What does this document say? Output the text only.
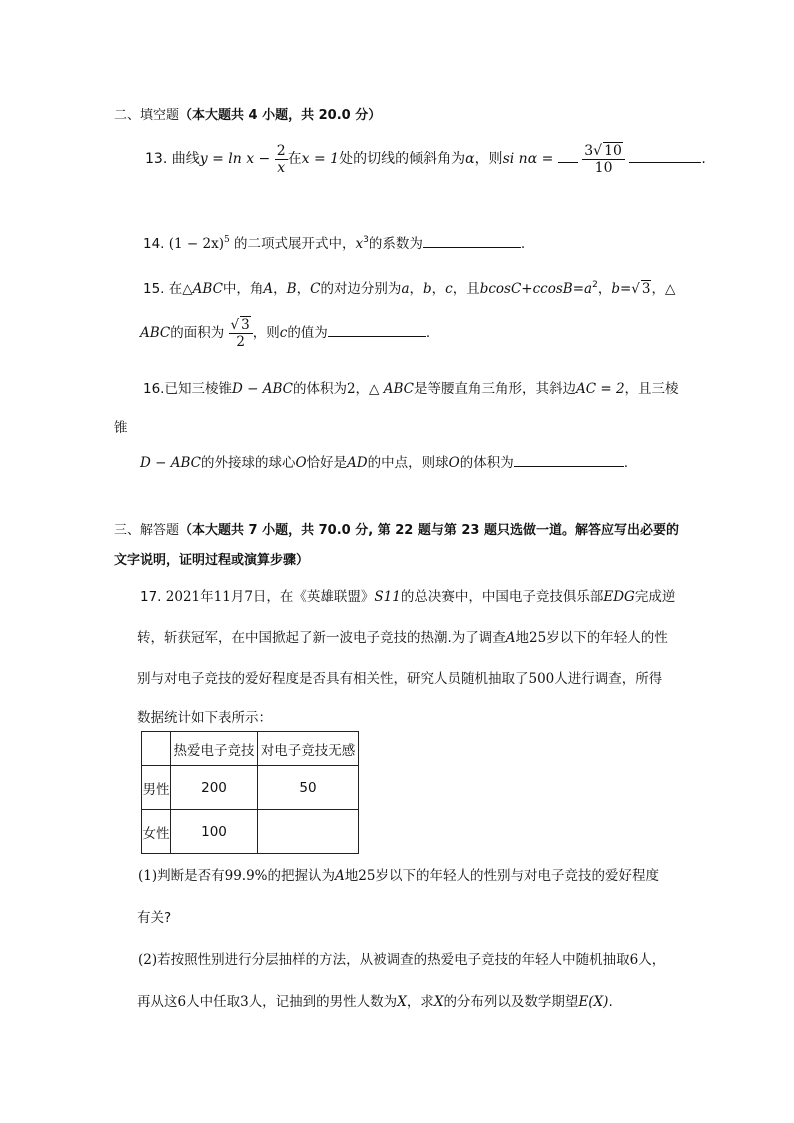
二、填空题（本大题共 4 小题，共 20.0 分）
13. 曲线$y = \ln x - \frac{2}{x}$ 在x = 1处的切线的倾斜角为α，则si $n\alpha = \frac{3√ 10}{10}$	.
14. $(1 - 2x)^5$ 的二项式展开式中，$x^3$的系数为	.
15. 在△ABC中，角A，B，C的对边分别为a，b，c，且$bcosC+ccosB=a^2$，b=√ 3，△
ABC的面积为 $\frac{√ 3}{2}$ ，则c的值为	.
16.已知三棱锥D − ABC的体积为2，△ ABC是等腰直角三角形，其斜边AC = 2，且三棱
锥
D − ABC的外接球的球心O恰好是AD的中点，则球O的体积为	.
三、解答题（本大题共 7 小题，共 70.0 分, 第 22 题与第 23 题只选做一道。解答应写出必要的
文字说明，证明过程或演算步骤）
17. 2021年11月7日，在《英雄联盟》S11的总决赛中，中国电子竞技俱乐部EDG完成逆
转，斩获冠军，在中国掀起了新一波电子竞技的热潮.为了调查A地25岁以下的年轻人的性
别与对电子竞技的爱好程度是否具有相关性，研究人员随机抽取了500人进行调查，所得
数据统计如下表所示：
	热爱电子竞技	对电子竞技无感
男性	200	50
女性	100	
(1)判断是否有99.9%的把握认为A地25岁以下的年轻人的性别与对电子竞技的爱好程度
有关?
(2)若按照性别进行分层抽样的方法，从被调查的热爱电子竞技的年轻人中随机抽取6人，
再从这6人中任取3人，记抽到的男性人数为X，求X的分布列以及数学期望E(X).
